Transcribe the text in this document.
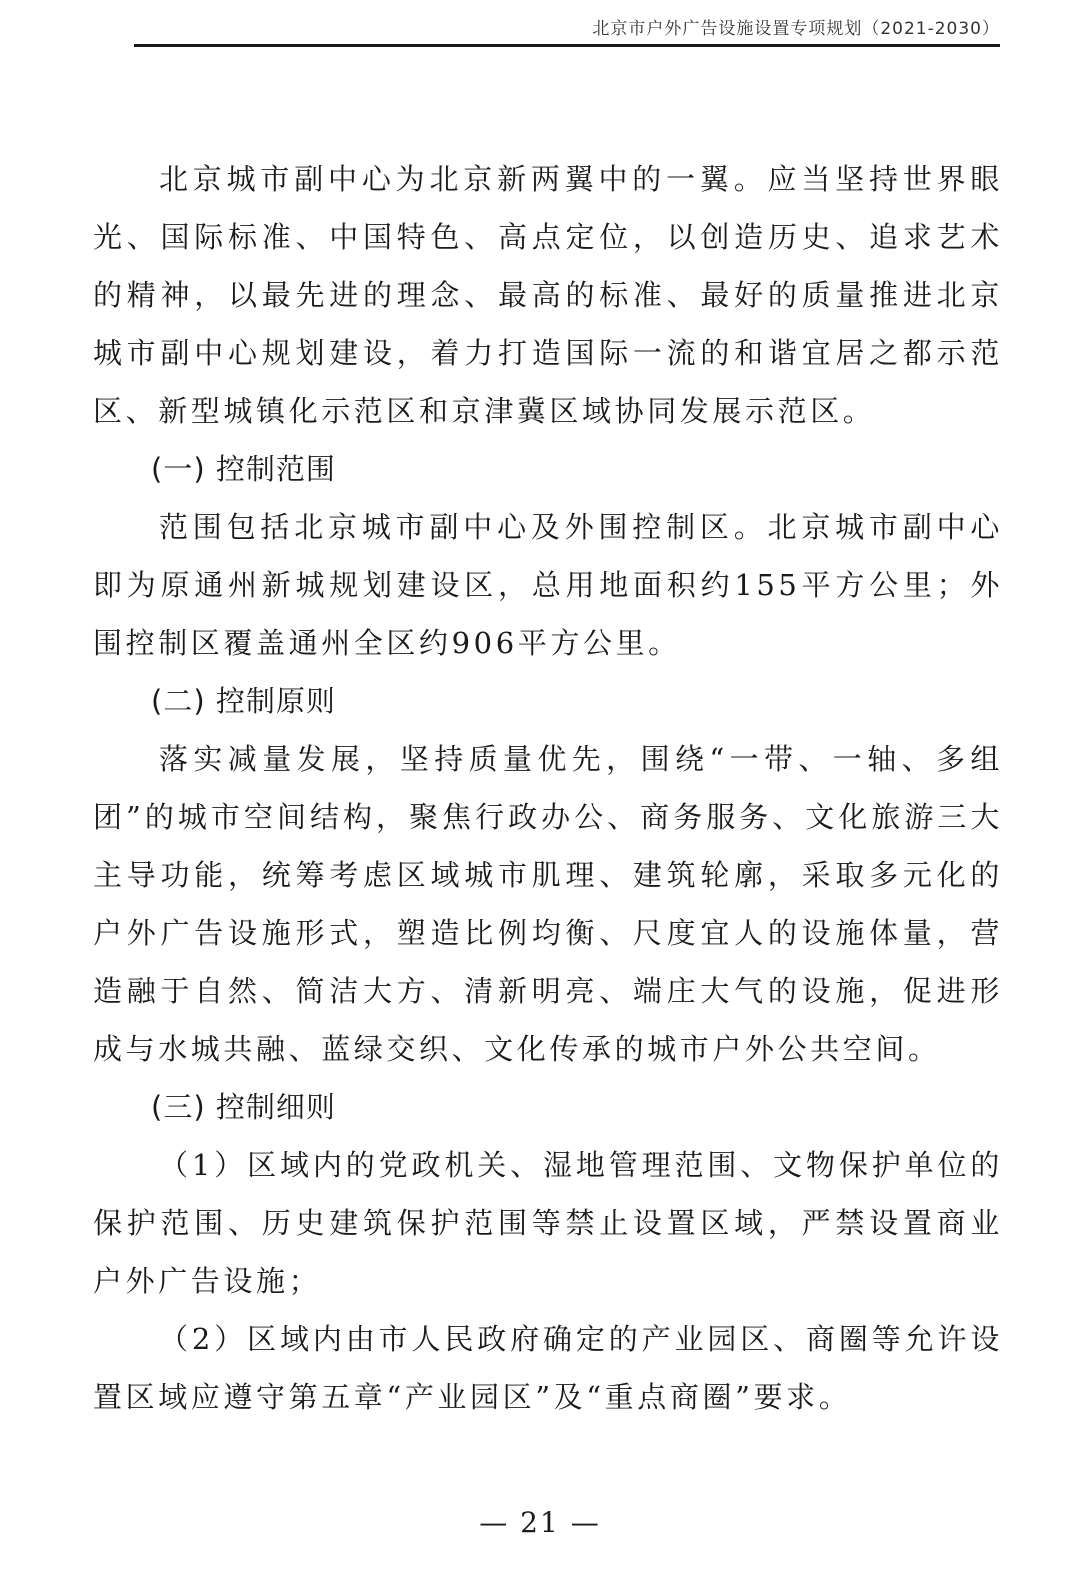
北京市户外广告设施设置专项规划（2021-2030）

北京城市副中心为北京新两翼中的一翼。应当坚持世界眼光、国际标准、中国特色、高点定位，以创造历史、追求艺术的精神，以最先进的理念、最高的标准、最好的质量推进北京城市副中心规划建设，着力打造国际一流的和谐宜居之都示范区、新型城镇化示范区和京津冀区域协同发展示范区。

(一) 控制范围

范围包括北京城市副中心及外围控制区。北京城市副中心即为原通州新城规划建设区，总用地面积约155平方公里；外围控制区覆盖通州全区约906平方公里。

(二) 控制原则

落实减量发展，坚持质量优先，围绕“一带、一轴、多组团”的城市空间结构，聚焦行政办公、商务服务、文化旅游三大主导功能，统筹考虑区域城市肌理、建筑轮廓，采取多元化的户外广告设施形式，塑造比例均衡、尺度宜人的设施体量，营造融于自然、简洁大方、清新明亮、端庄大气的设施，促进形成与水城共融、蓝绿交织、文化传承的城市户外公共空间。

(三) 控制细则

（1）区域内的党政机关、湿地管理范围、文物保护单位的保护范围、历史建筑保护范围等禁止设置区域，严禁设置商业户外广告设施；

（2）区域内由市人民政府确定的产业园区、商圈等允许设置区域应遵守第五章“产业园区”及“重点商圈”要求。

— 21 —
